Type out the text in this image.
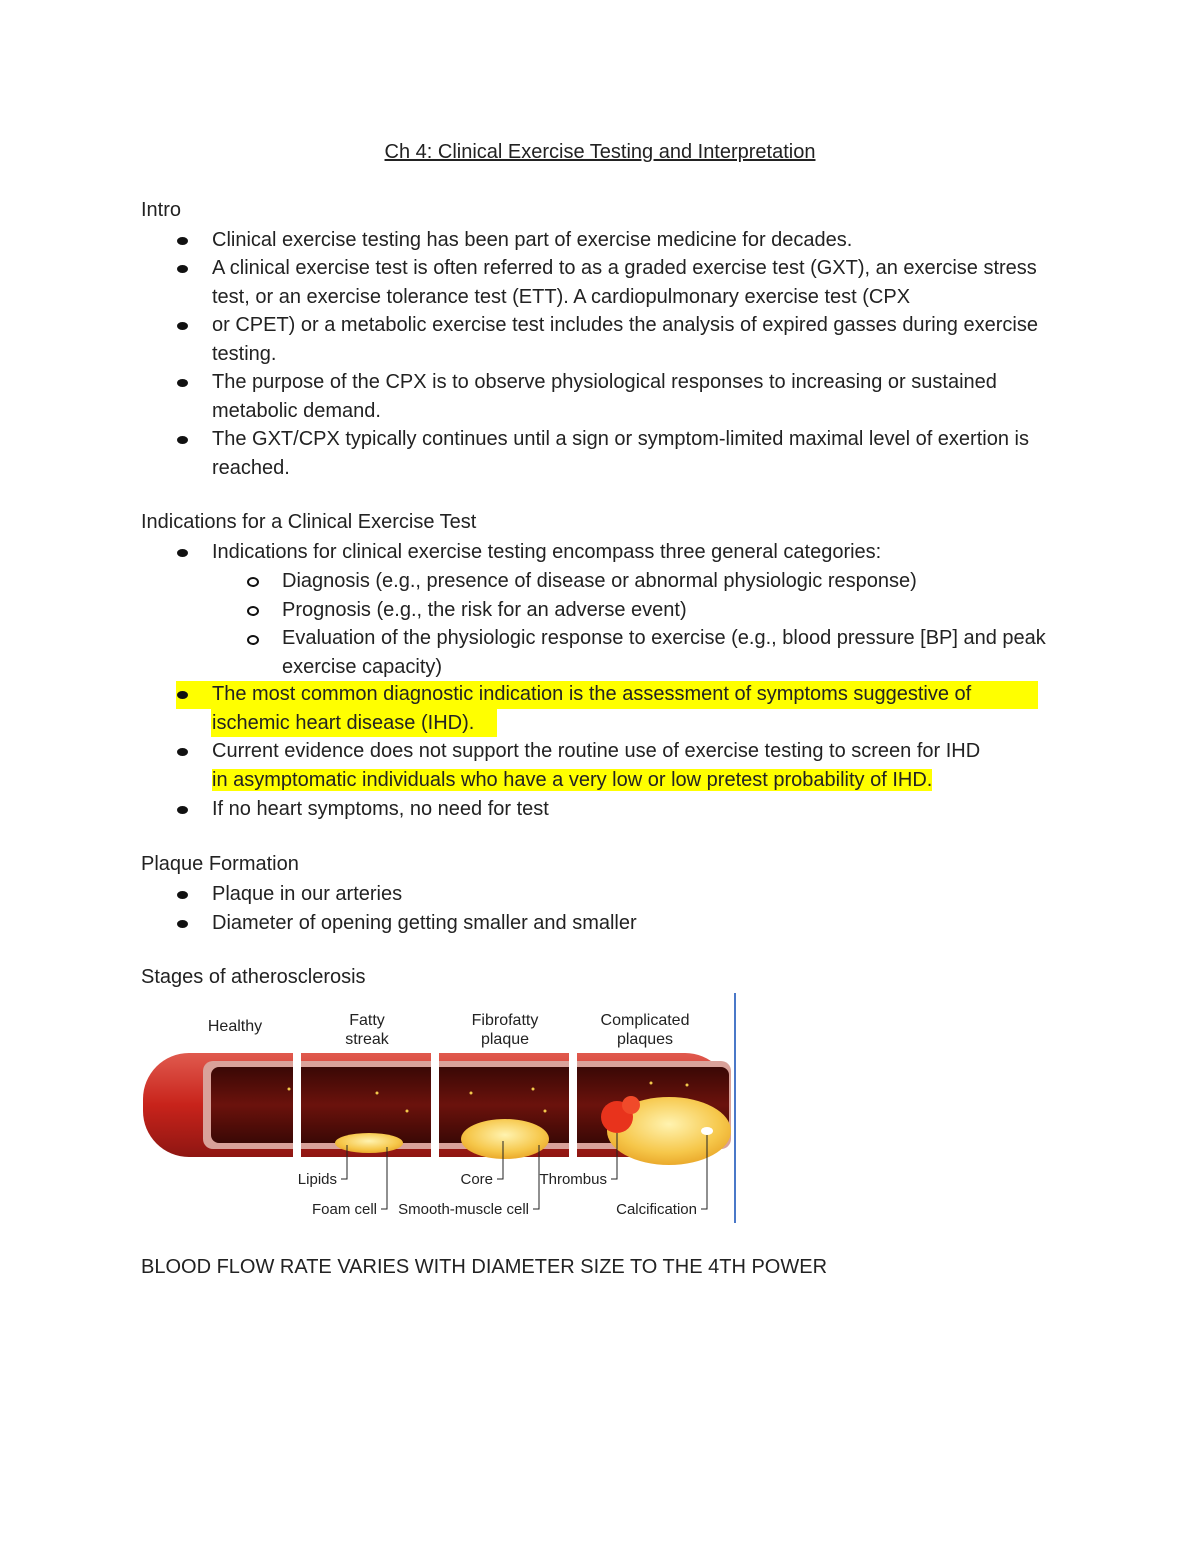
Ch 4: Clinical Exercise Testing and Interpretation
Intro
Clinical exercise testing has been part of exercise medicine for decades.
A clinical exercise test is often referred to as a graded exercise test (GXT), an exercise stress test, or an exercise tolerance test (ETT). A cardiopulmonary exercise test (CPX
or CPET) or a metabolic exercise test includes the analysis of expired gasses during exercise testing.
The purpose of the CPX is to observe physiological responses to increasing or sustained metabolic demand.
The GXT/CPX typically continues until a sign or symptom-limited maximal level of exertion is reached.
Indications for a Clinical Exercise Test
Indications for clinical exercise testing encompass three general categories:
Diagnosis (e.g., presence of disease or abnormal physiologic response)
Prognosis (e.g., the risk for an adverse event)
Evaluation of the physiologic response to exercise (e.g., blood pressure [BP] and peak exercise capacity)
The most common diagnostic indication is the assessment of symptoms suggestive of ischemic heart disease (IHD).
Current evidence does not support the routine use of exercise testing to screen for IHD
in asymptomatic individuals who have a very low or low pretest probability of IHD.
If no heart symptoms, no need for test
Plaque Formation
Plaque in our arteries
Diameter of opening getting smaller and smaller
Stages of atherosclerosis
Healthy	Fatty
streak
Fibrofatty
plaque
Complicated
plaques
Lipids
Foam cell
Core
Smooth-muscle cell
Thrombus
Calcification
BLOOD FLOW RATE VARIES WITH DIAMETER SIZE TO THE 4TH POWER
